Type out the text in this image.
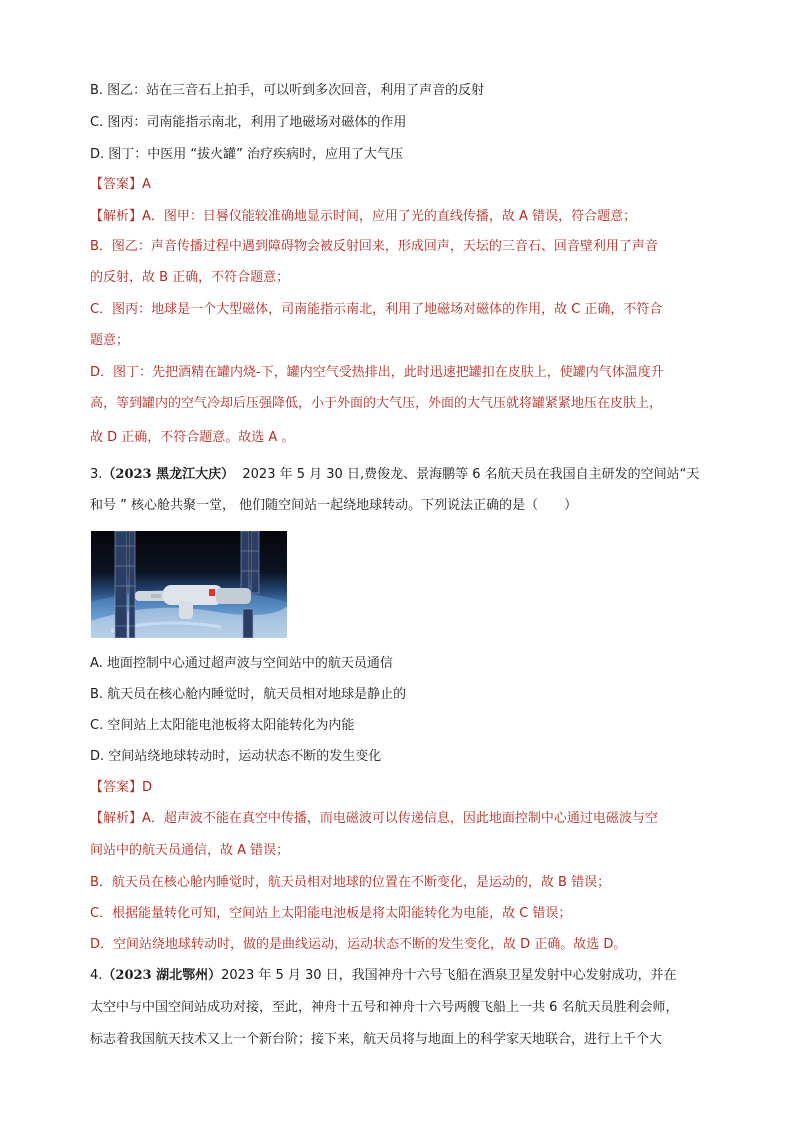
B. 图乙：站在三音石上拍手，可以听到多次回音，利用了声音的反射
C. 图丙：司南能指示南北，利用了地磁场对磁体的作用
D. 图丁：中医用 “拔火罐” 治疗疾病时，应用了大气压
【答案】A
【解析】A．图甲：日晷仪能较准确地显示时间，应用了光的直线传播，故 A 错误，符合题意；
B．图乙：声音传播过程中遇到障碍物会被反射回来，形成回声，天坛的三音石、回音壁利用了声音
的反射，故 B 正确，不符合题意；
C．图丙：地球是一个大型磁体，司南能指示南北，利用了地磁场对磁体的作用，故 C 正确，不符合
题意；
D．图丁：先把酒精在罐内烧-下，罐内空气受热排出，此时迅速把罐扣在皮肤上，使罐内气体温度升
高，等到罐内的空气冷却后压强降低，小于外面的大气压，外面的大气压就将罐紧紧地压在皮肤上，
故 D 正确，不符合题意。故选 A 。
3.（2023 黑龙江大庆） 2023 年 5 月 30 日,费俊龙、景海鹏等 6 名航天员在我国自主研发的空间站“天
和号 ” 核心舱共聚一堂， 他们随空间站一起绕地球转动。下列说法正确的是（　　）
A. 地面控制中心通过超声波与空间站中的航天员通信
B. 航天员在核心舱内睡觉时，航天员相对地球是静止的
C. 空间站上太阳能电池板将太阳能转化为内能
D. 空间站绕地球转动时，运动状态不断的发生变化
【答案】D
【解析】A．超声波不能在真空中传播，而电磁波可以传递信息，因此地面控制中心通过电磁波与空
间站中的航天员通信，故 A 错误；
B．航天员在核心舱内睡觉时，航天员相对地球的位置在不断变化，是运动的，故 B 错误；
C．根据能量转化可知，空间站上太阳能电池板是将太阳能转化为电能，故 C 错误；
D．空间站绕地球转动时，做的是曲线运动，运动状态不断的发生变化，故 D 正确。故选 D。
4.（2023 湖北鄂州）2023 年 5 月 30 日，我国神舟十六号飞船在酒泉卫星发射中心发射成功，并在
太空中与中国空间站成功对接，至此，神舟十五号和神舟十六号两艘飞船上一共 6 名航天员胜利会师，
标志着我国航天技术又上一个新台阶；接下来，航天员将与地面上的科学家天地联合，进行上千个大
